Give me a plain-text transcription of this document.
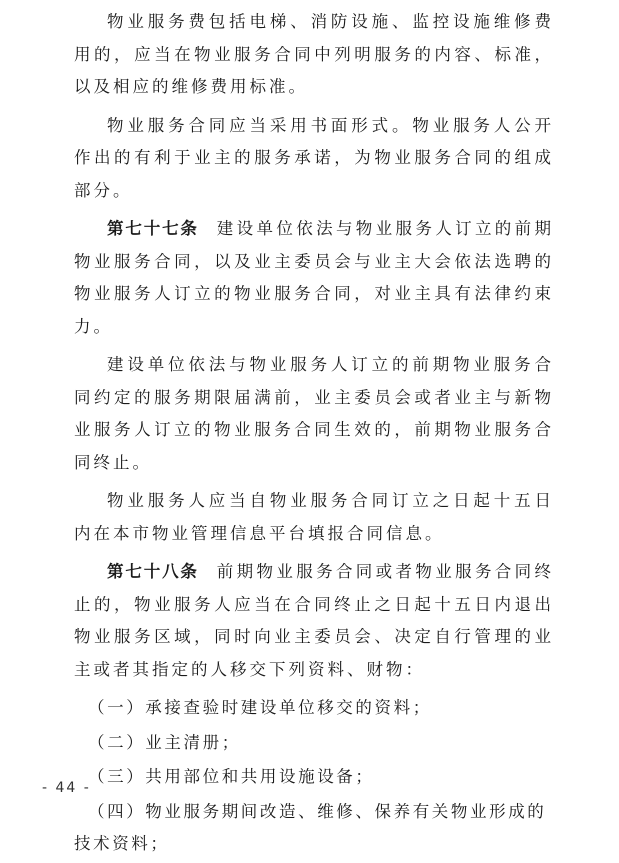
物业服务费包括电梯、消防设施、监控设施维修费用的，应当在物业服务合同中列明服务的内容、标准，以及相应的维修费用标准。

物业服务合同应当采用书面形式。物业服务人公开作出的有利于业主的服务承诺，为物业服务合同的组成部分。

第七十七条 建设单位依法与物业服务人订立的前期物业服务合同，以及业主委员会与业主大会依法选聘的物业服务人订立的物业服务合同，对业主具有法律约束力。

建设单位依法与物业服务人订立的前期物业服务合同约定的服务期限届满前，业主委员会或者业主与新物业服务人订立的物业服务合同生效的，前期物业服务合同终止。

物业服务人应当自物业服务合同订立之日起十五日内在本市物业管理信息平台填报合同信息。

第七十八条 前期物业服务合同或者物业服务合同终止的，物业服务人应当在合同终止之日起十五日内退出物业服务区域，同时向业主委员会、决定自行管理的业主或者其指定的人移交下列资料、财物：

（一）承接查验时建设单位移交的资料；

（二）业主清册；

（三）共用部位和共用设施设备；

（四）物业服务期间改造、维修、保养有关物业形成的技术资料；

- 44 -
